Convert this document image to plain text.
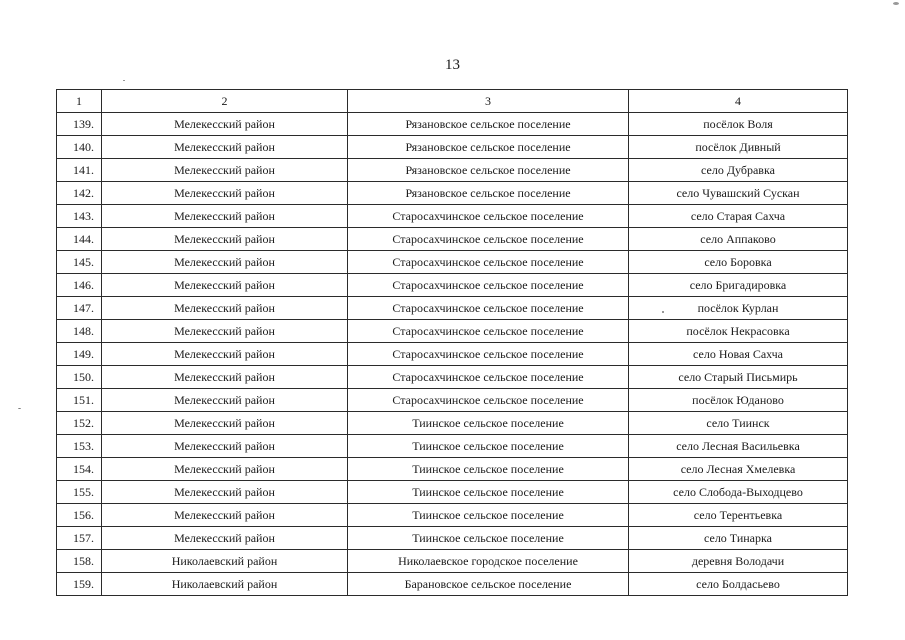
13
1	2	3	4
139.	Мелекесский район	Рязановское сельское поселение	посёлок Воля
140.	Мелекесский район	Рязановское сельское поселение	посёлок Дивный
141.	Мелекесский район	Рязановское сельское поселение	село Дубравка
142.	Мелекесский район	Рязановское сельское поселение	село Чувашский Сускан
143.	Мелекесский район	Старосахчинское сельское поселение	село Старая Сахча
144.	Мелекесский район	Старосахчинское сельское поселение	село Аппаково
145.	Мелекесский район	Старосахчинское сельское поселение	село Боровка
146.	Мелекесский район	Старосахчинское сельское поселение	село Бригадировка
147.	Мелекесский район	Старосахчинское сельское поселение	посёлок Курлан
148.	Мелекесский район	Старосахчинское сельское поселение	посёлок Некрасовка
149.	Мелекесский район	Старосахчинское сельское поселение	село Новая Сахча
150.	Мелекесский район	Старосахчинское сельское поселение	село Старый Письмирь
151.	Мелекесский район	Старосахчинское сельское поселение	посёлок Юданово
152.	Мелекесский район	Тиинское сельское поселение	село Тиинск
153.	Мелекесский район	Тиинское сельское поселение	село Лесная Васильевка
154.	Мелекесский район	Тиинское сельское поселение	село Лесная Хмелевка
155.	Мелекесский район	Тиинское сельское поселение	село Слобода-Выходцево
156.	Мелекесский район	Тиинское сельское поселение	село Терентьевка
157.	Мелекесский район	Тиинское сельское поселение	село Тинарка
158.	Николаевский район	Николаевское городское поселение	деревня Володачи
159.	Николаевский район	Барановское сельское поселение	село Болдасьево
